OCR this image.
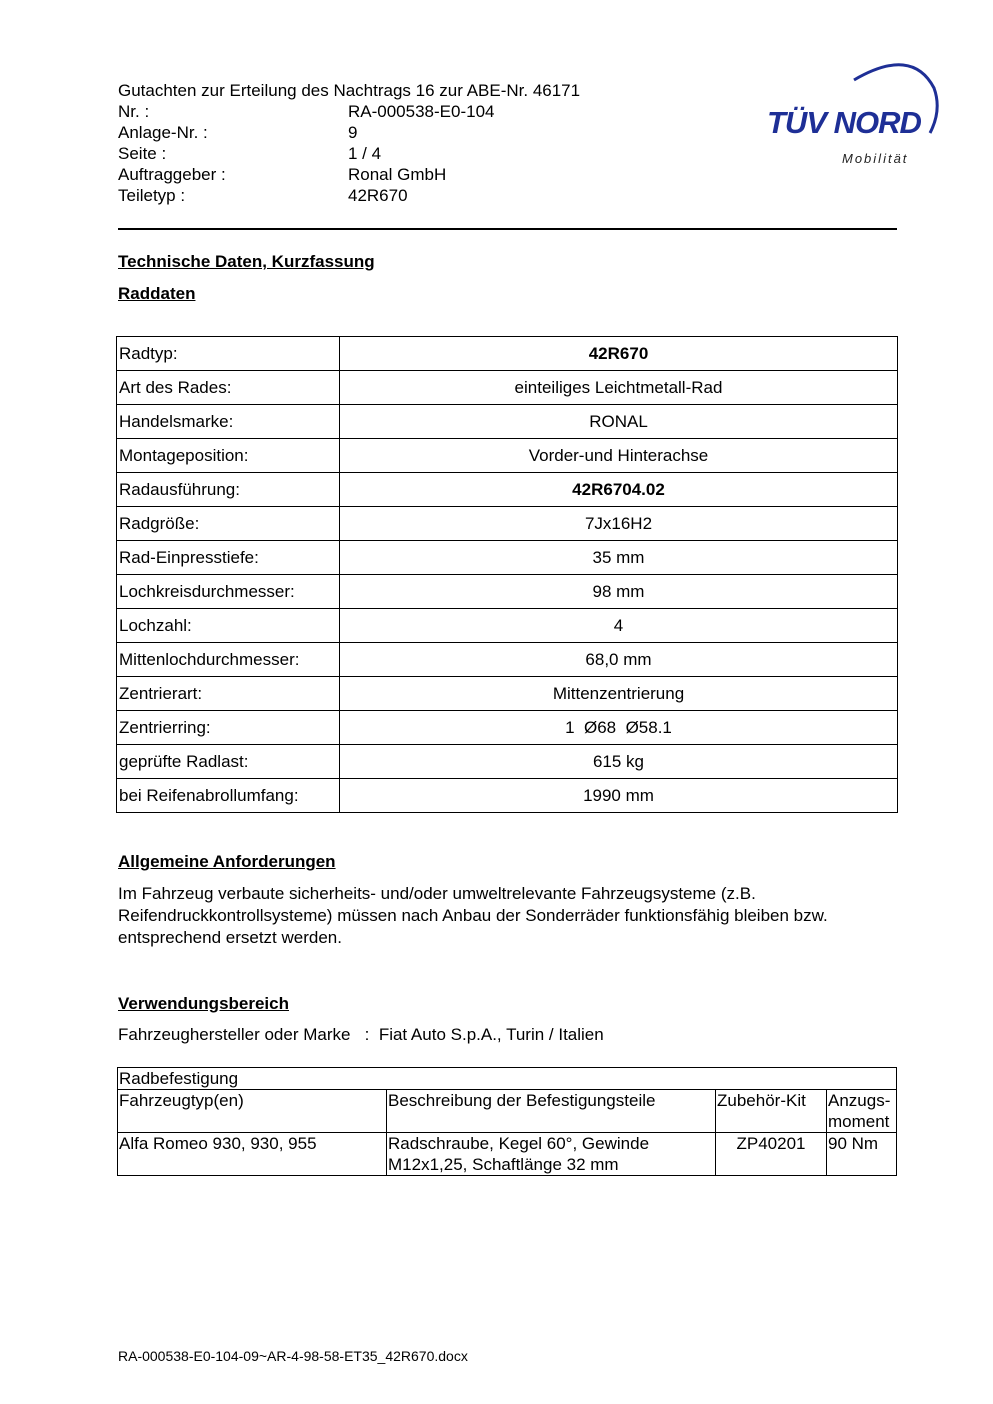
Gutachten zur Erteilung des Nachtrags 16 zur ABE-Nr. 46171
Nr. :	RA-000538-E0-104
Anlage-Nr. :	9
Seite :	1 / 4
Auftraggeber :	Ronal GmbH
Teiletyp :	42R670
TÜV NORD
Mobilität
Technische Daten, Kurzfassung
Raddaten
Radtyp:	42R670
Art des Rades:	einteiliges Leichtmetall-Rad
Handelsmarke:	RONAL
Montageposition:	Vorder-und Hinterachse
Radausführung:	42R6704.02
Radgröße:	7Jx16H2
Rad-Einpresstiefe:	35 mm
Lochkreisdurchmesser:	98 mm
Lochzahl:	4
Mittenlochdurchmesser:	68,0 mm
Zentrierart:	Mittenzentrierung
Zentrierring:	1  Ø68  Ø58.1
geprüfte Radlast:	615 kg
bei Reifenabrollumfang:	1990 mm
Allgemeine Anforderungen
Im Fahrzeug verbaute sicherheits- und/oder umweltrelevante Fahrzeugsysteme (z.B. Reifendruckkontrollsysteme) müssen nach Anbau der Sonderräder funktionsfähig bleiben bzw. entsprechend ersetzt werden.
Verwendungsbereich
Fahrzeughersteller oder Marke : Fiat Auto S.p.A., Turin / Italien
Radbefestigung			
Fahrzeugtyp(en)	Beschreibung der Befestigungsteile	Zubehör-Kit	Anzugs-moment
Alfa Romeo 930, 930, 955	Radschraube, Kegel 60°, Gewinde M12x1,25, Schaftlänge 32 mm	ZP40201	90 Nm
RA-000538-E0-104-09~AR-4-98-58-ET35_42R670.docx
